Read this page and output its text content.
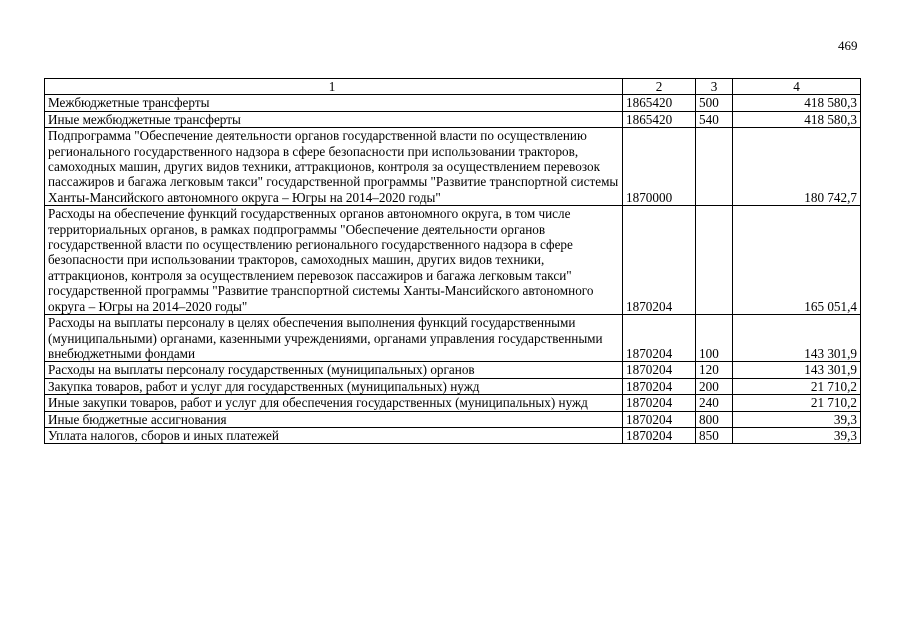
469
1	2	3	4
Межбюджетные трансферты	1865420	500	418 580,3
Иные межбюджетные трансферты	1865420	540	418 580,3
Подпрограмма "Обеспечение деятельности органов государственной власти по осуществлению регионального государственного надзора в сфере безопасности при использовании тракторов, самоходных машин, других видов техники, аттракционов, контроля за осуществлением перевозок пассажиров и багажа легковым такси" государственной программы "Развитие транспортной системы Ханты-Мансийского автономного округа – Югры на 2014–2020 годы"	1870000		180 742,7
Расходы на обеспечение функций государственных органов автономного округа, в том числе территориальных органов, в рамках подпрограммы "Обеспечение деятельности органов государственной власти по осуществлению регионального государственного надзора в сфере безопасности при использовании тракторов, самоходных машин, других видов техники, аттракционов, контроля за осуществлением перевозок пассажиров и багажа легковым такси" государственной программы "Развитие транспортной системы Ханты-Мансийского автономного округа – Югры на 2014–2020 годы"	1870204		165 051,4
Расходы на выплаты персоналу в целях обеспечения выполнения функций государственными (муниципальными) органами, казенными учреждениями, органами управления государственными внебюджетными фондами	1870204	100	143 301,9
Расходы на выплаты персоналу государственных (муниципальных) органов	1870204	120	143 301,9
Закупка товаров, работ и услуг для государственных (муниципальных) нужд	1870204	200	21 710,2
Иные закупки товаров, работ и услуг для обеспечения государственных (муниципальных) нужд	1870204	240	21 710,2
Иные бюджетные ассигнования	1870204	800	39,3
Уплата налогов, сборов и иных платежей	1870204	850	39,3
